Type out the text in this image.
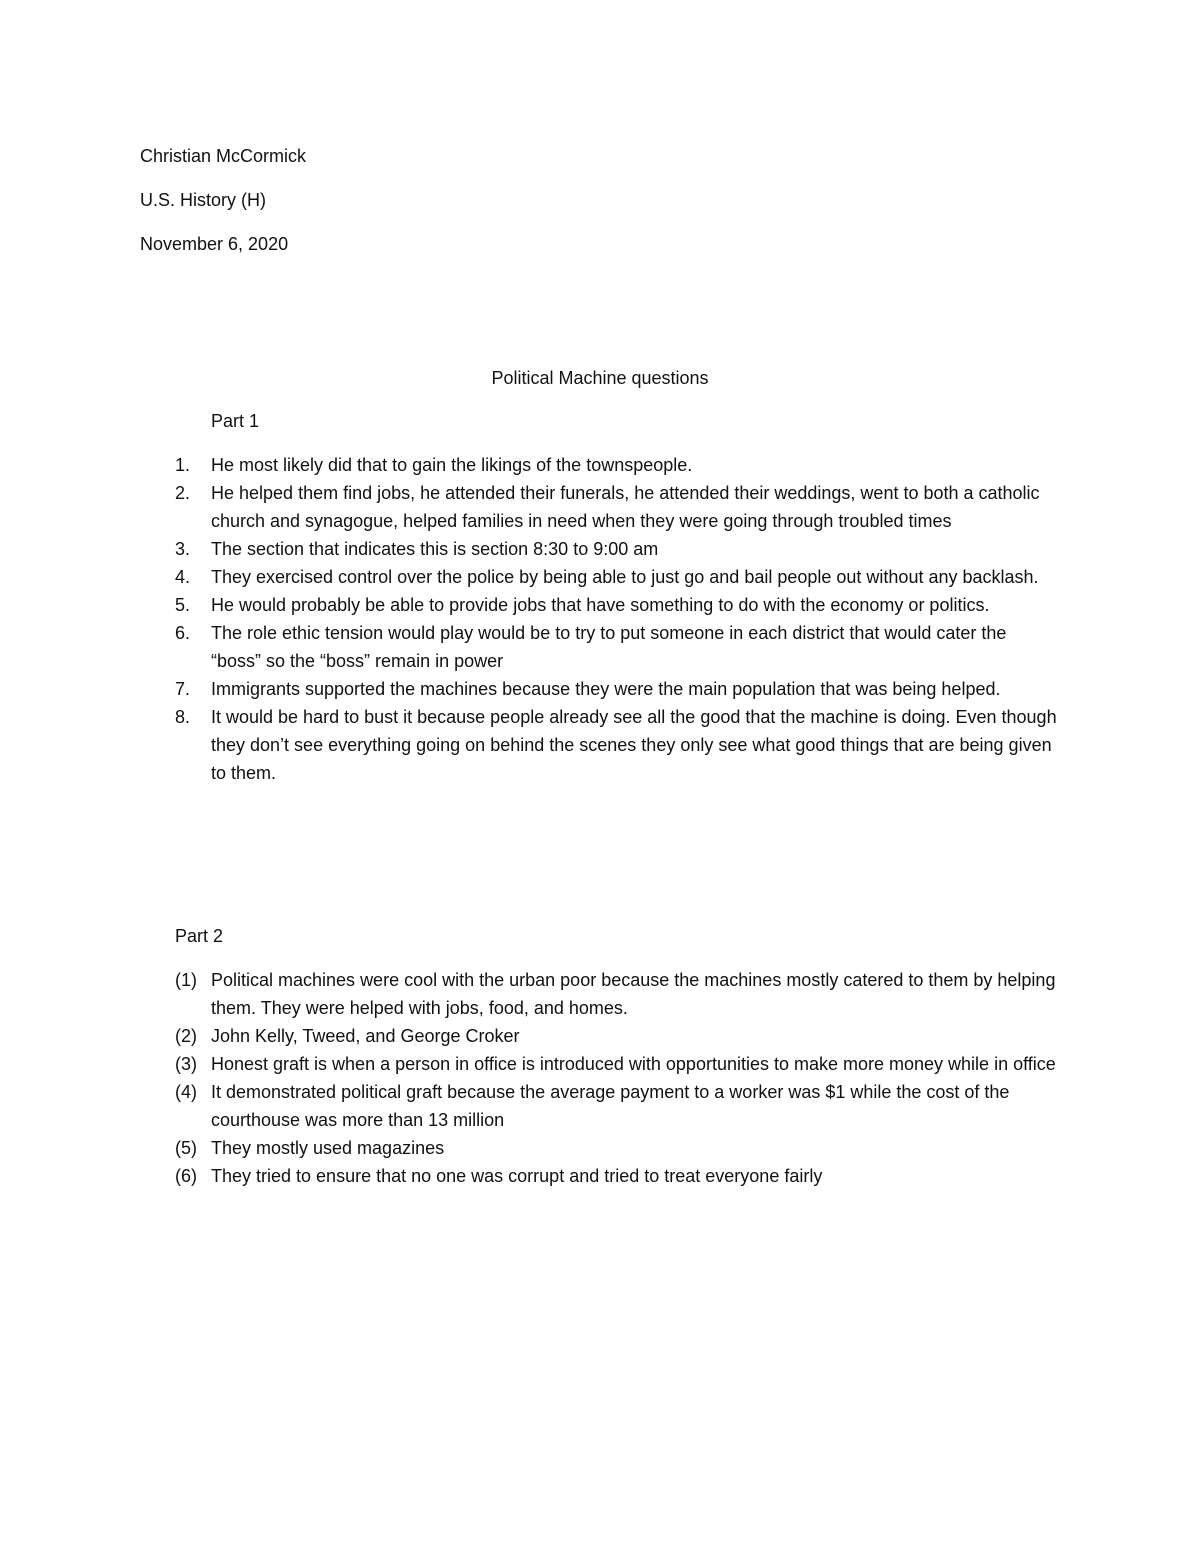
Christian McCormick
U.S. History (H)
November 6, 2020
Political Machine questions
Part 1
1. He most likely did that to gain the likings of the townspeople.
2. He helped them find jobs, he attended their funerals, he attended their weddings, went to both a catholic church and synagogue, helped families in need when they were going through troubled times
3. The section that indicates this is section 8:30 to 9:00 am
4. They exercised control over the police by being able to just go and bail people out without any backlash.
5. He would probably be able to provide jobs that have something to do with the economy or politics.
6. The role ethic tension would play would be to try to put someone in each district that would cater the “boss” so the “boss” remain in power
7. Immigrants supported the machines because they were the main population that was being helped.
8. It would be hard to bust it because people already see all the good that the machine is doing. Even though they don’t see everything going on behind the scenes they only see what good things that are being given to them.
Part 2
(1) Political machines were cool with the urban poor because the machines mostly catered to them by helping them. They were helped with jobs, food, and homes.
(2) John Kelly, Tweed, and George Croker
(3) Honest graft is when a person in office is introduced with opportunities to make more money while in office
(4) It demonstrated political graft because the average payment to a worker was $1 while the cost of the courthouse was more than 13 million
(5) They mostly used magazines
(6) They tried to ensure that no one was corrupt and tried to treat everyone fairly
